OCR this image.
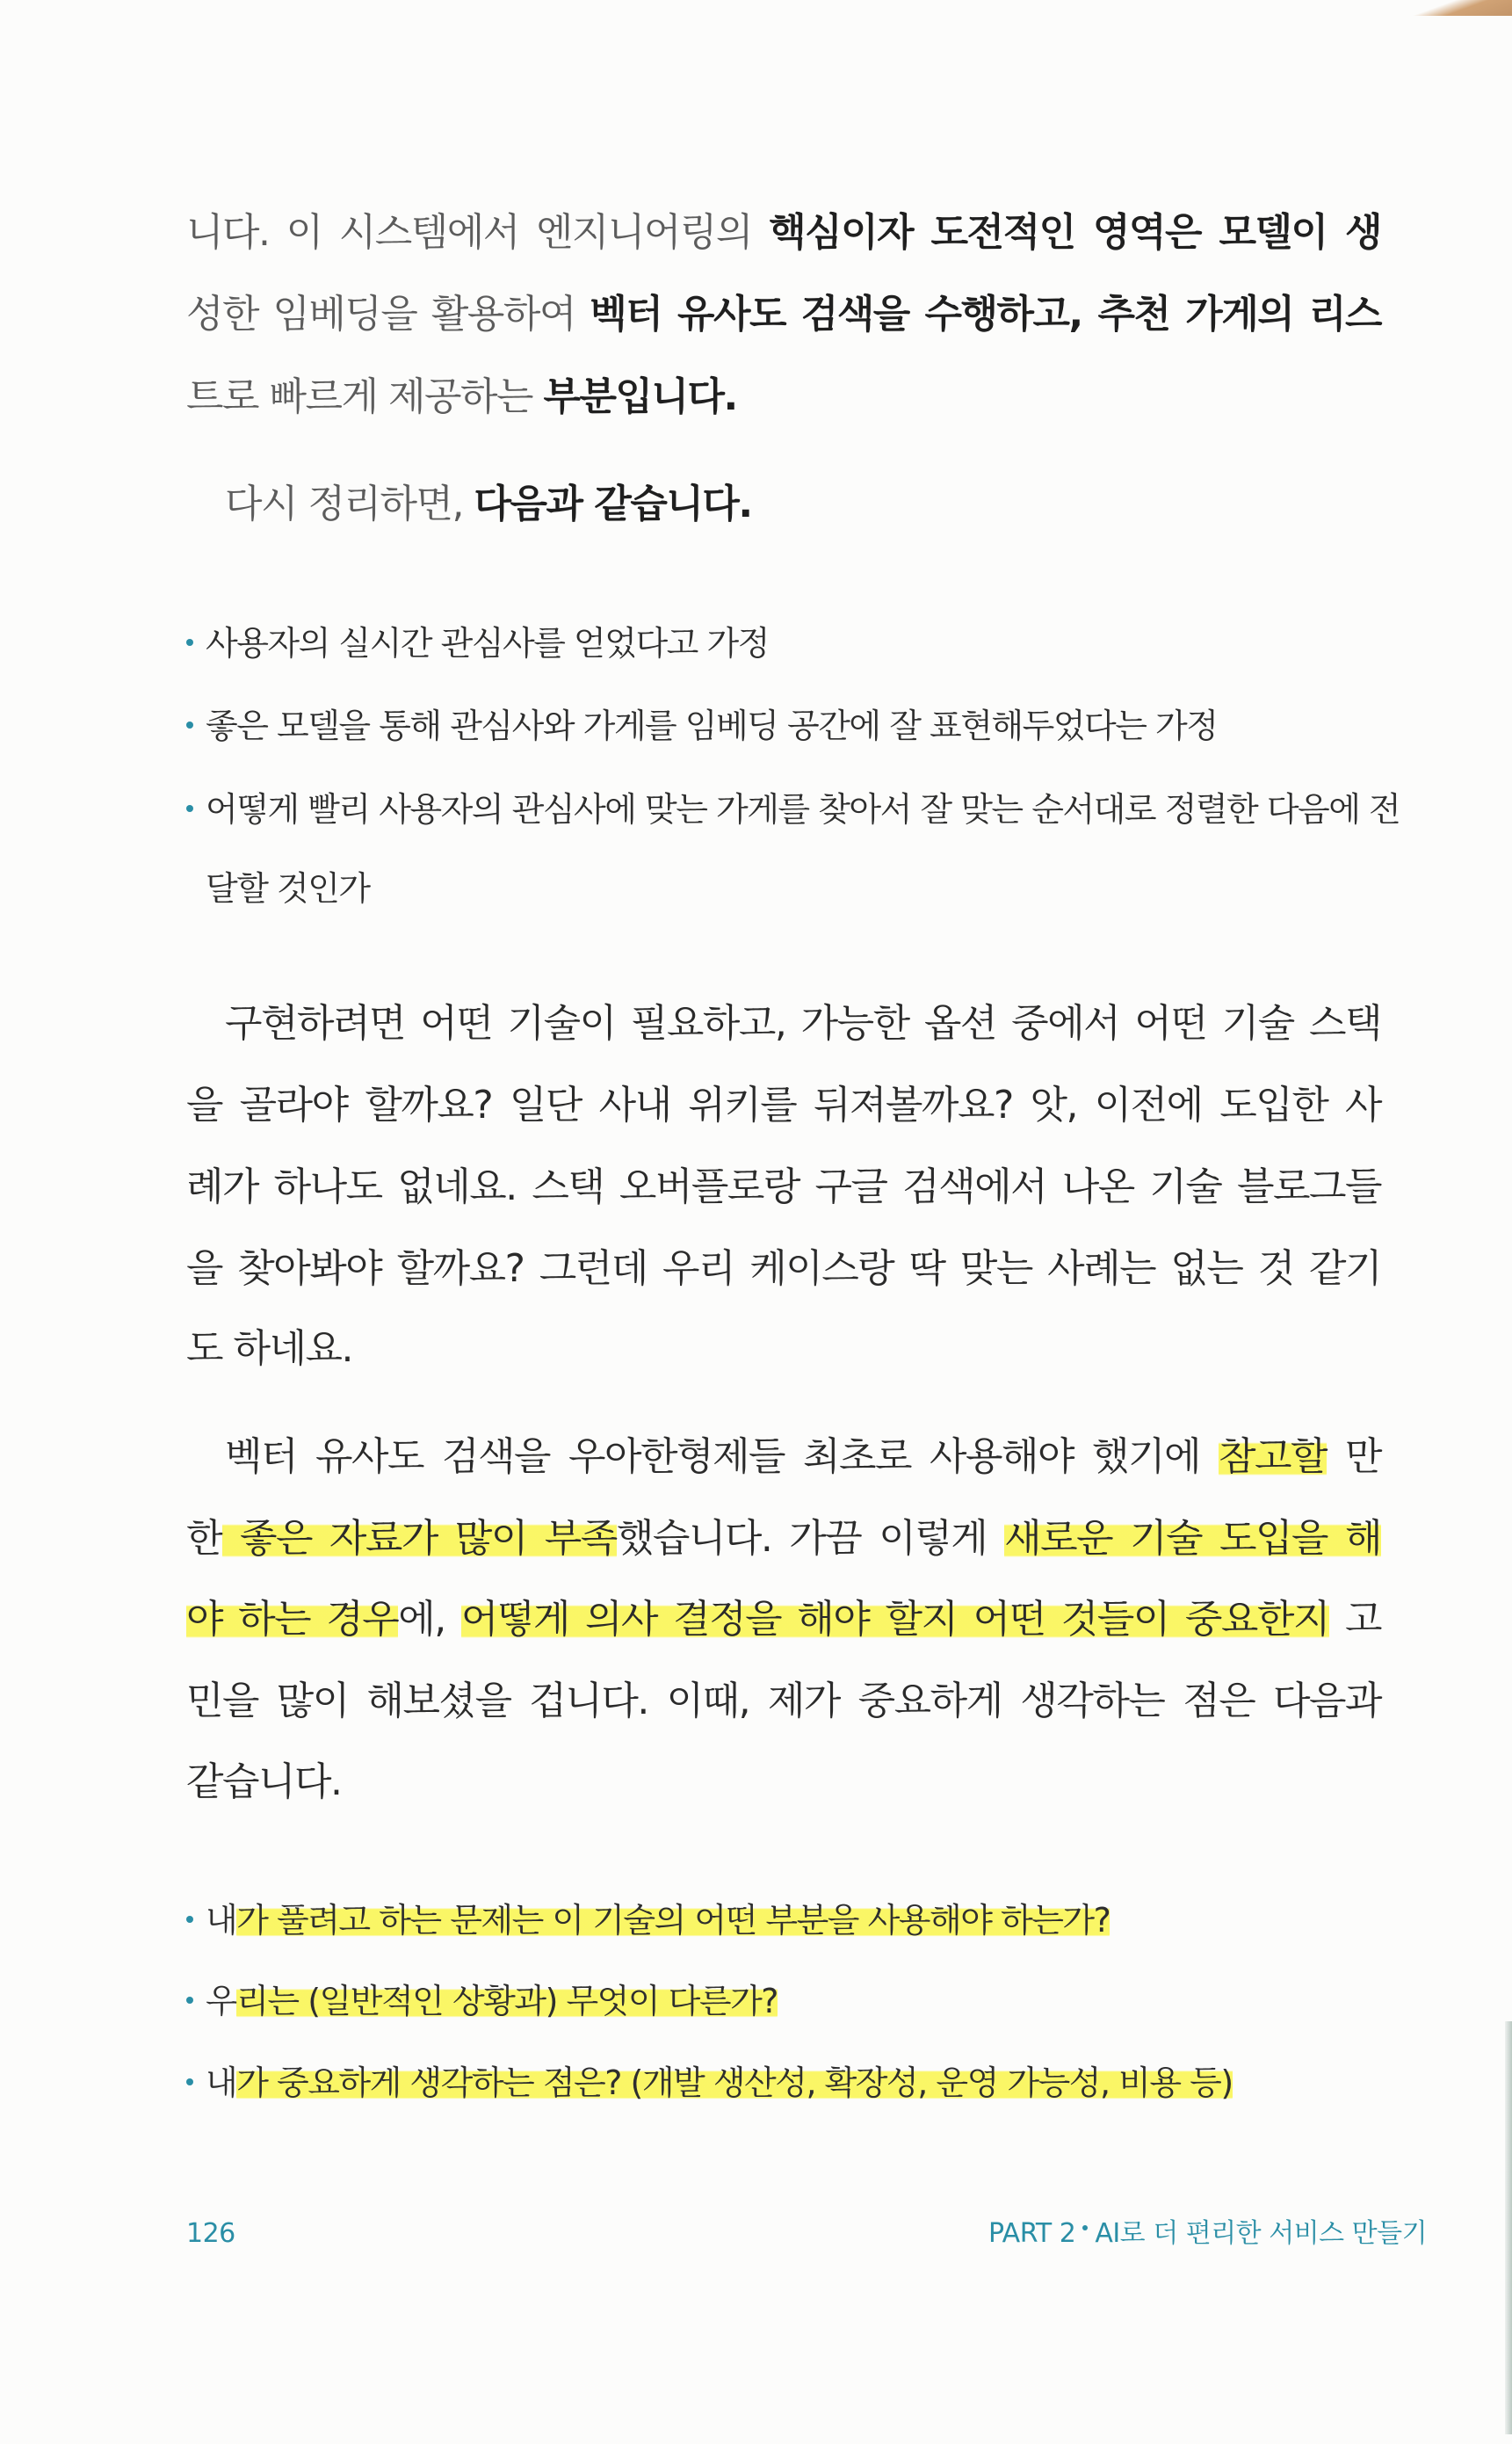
니다. 이 시스템에서 엔지니어링의 핵심이자 도전적인 영역은 모델이 생
성한 임베딩을 활용하여 벡터 유사도 검색을 수행하고, 추천 가게의 리스
트로 빠르게 제공하는 부분입니다.
다시 정리하면, 다음과 같습니다.
사용자의 실시간 관심사를 얻었다고 가정
좋은 모델을 통해 관심사와 가게를 임베딩 공간에 잘 표현해두었다는 가정
어떻게 빨리 사용자의 관심사에 맞는 가게를 찾아서 잘 맞는 순서대로 정렬한 다음에 전
달할 것인가
구현하려면 어떤 기술이 필요하고, 가능한 옵션 중에서 어떤 기술 스택
을 골라야 할까요? 일단 사내 위키를 뒤져볼까요? 앗, 이전에 도입한 사
례가 하나도 없네요. 스택 오버플로랑 구글 검색에서 나온 기술 블로그들
을 찾아봐야 할까요? 그런데 우리 케이스랑 딱 맞는 사례는 없는 것 같기
도 하네요.
벡터 유사도 검색을 우아한형제들 최초로 사용해야 했기에 참고할 만
한 좋은 자료가 많이 부족했습니다. 가끔 이렇게 새로운 기술 도입을 해
야 하는 경우에, 어떻게 의사 결정을 해야 할지 어떤 것들이 중요한지 고
민을 많이 해보셨을 겁니다. 이때, 제가 중요하게 생각하는 점은 다음과
같습니다.
내가 풀려고 하는 문제는 이 기술의 어떤 부분을 사용해야 하는가?
우리는 (일반적인 상황과) 무엇이 다른가?
내가 중요하게 생각하는 점은? (개발 생산성, 확장성, 운영 가능성, 비용 등)
126	PART 2 AI로 더 편리한 서비스 만들기
